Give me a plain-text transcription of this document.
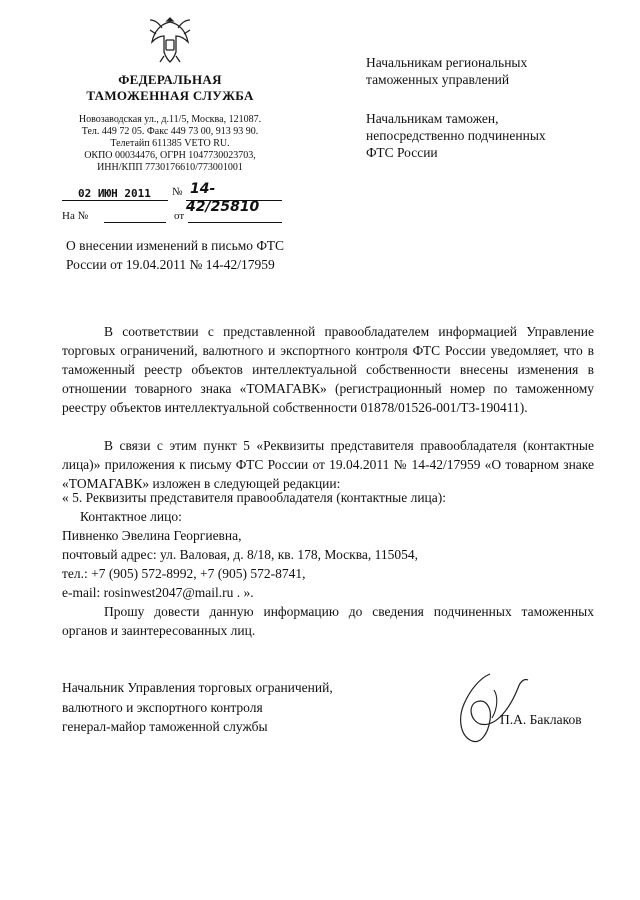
ФЕДЕРАЛЬНАЯ
ТАМОЖЕННАЯ СЛУЖБА
Новозаводская ул., д.11/5, Москва, 121087.
Тел. 449 72 05. Факс 449 73 00, 913 93 90.
Телетайп 611385 VETO RU.
ОКПО 00034476, ОГРН 1047730023703,
ИНН/КПП 7730176610/773001001
02 ИЮН 2011	№ 14-42/25810
На №	от
Начальникам региональных
таможенных управлений
Начальникам таможен,
непосредственно подчиненных
ФТС России
О внесении изменений в письмо ФТС
России от 19.04.2011 № 14-42/17959
В соответствии с представленной правообладателем информацией Управление торговых ограничений, валютного и экспортного контроля ФТС России уведомляет, что в таможенный реестр объектов интеллектуальной собственности внесены изменения в отношении товарного знака «ТОМАГАВК» (регистрационный номер по таможенному реестру объектов интеллектуальной собственности 01878/01526-001/ТЗ-190411).
В связи с этим пункт 5 «Реквизиты представителя правообладателя (контактные лица)» приложения к письму ФТС России от 19.04.2011 № 14-42/17959 «О товарном знаке «ТОМАГАВК» изложен в следующей редакции:
« 5. Реквизиты представителя правообладателя (контактные лица):
Контактное лицо:
Пивненко Эвелина Георгиевна,
почтовый адрес: ул. Валовая, д. 8/18, кв. 178, Москва, 115054,
тел.: +7 (905) 572-8992, +7 (905) 572-8741,
e-mail: rosinwest2047@mail.ru . ».
Прошу довести данную информацию до сведения подчиненных таможенных органов и заинтересованных лиц.
Начальник Управления торговых ограничений,
валютного и экспортного контроля
генерал-майор таможенной службы	П.А. Баклаков
